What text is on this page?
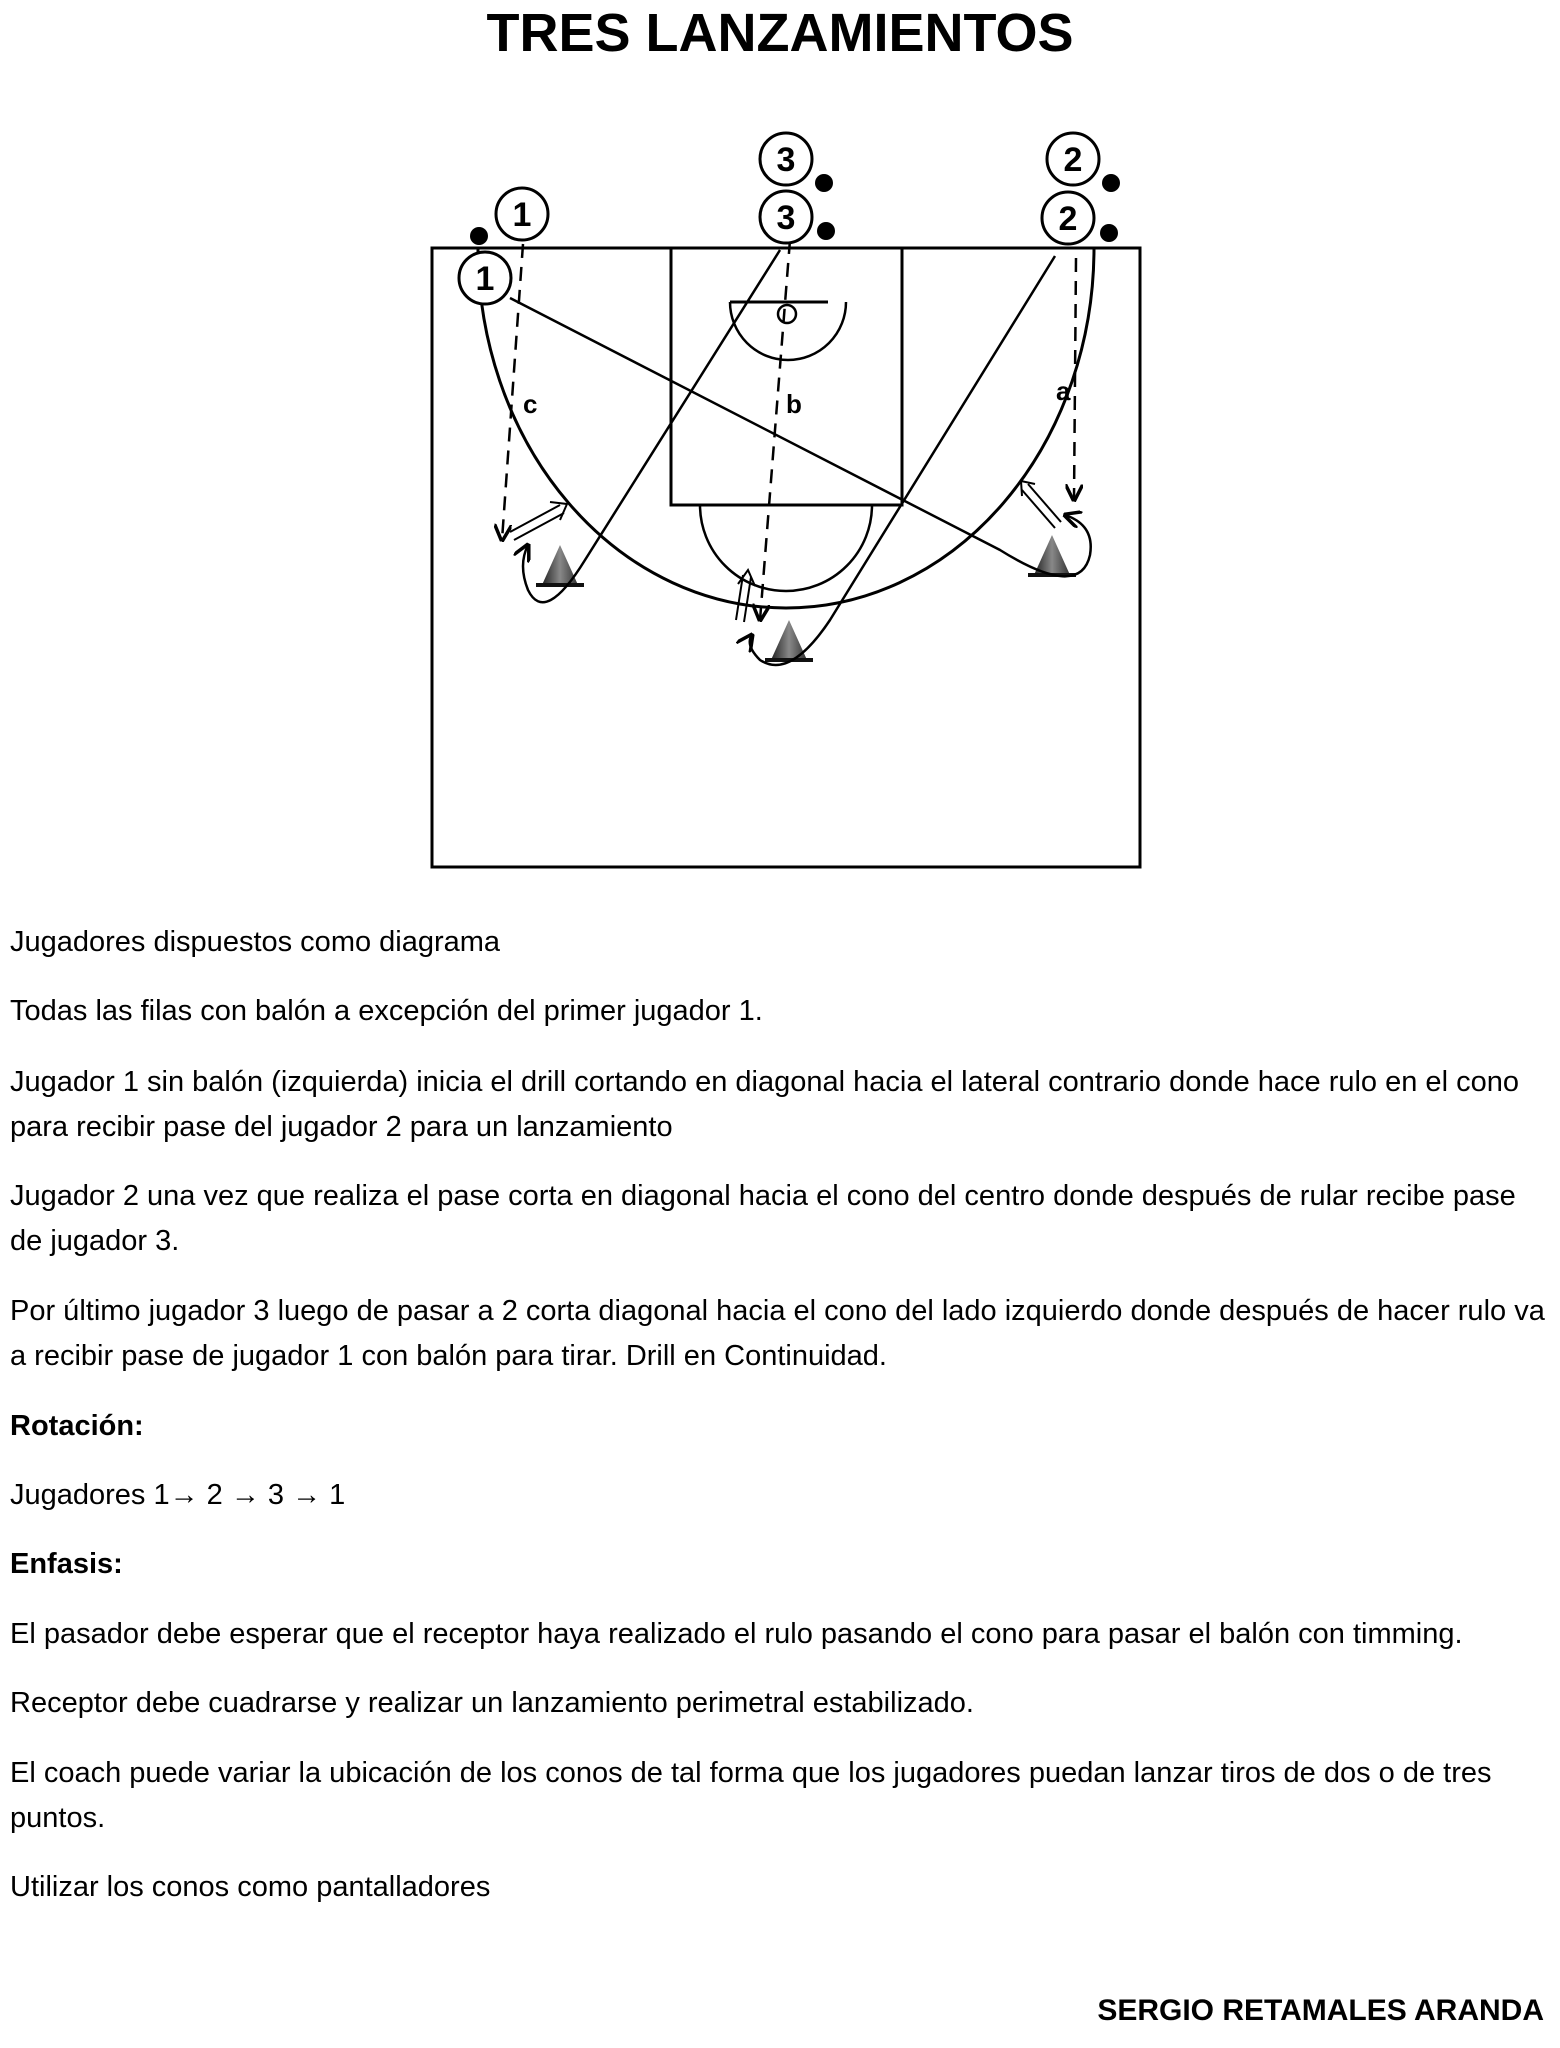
TRES LANZAMIENTOS
1
1
3
3
2
2
a
b
c

Jugadores dispuestos como diagrama

Todas las filas con balón a excepción del primer jugador 1.

Jugador 1 sin balón (izquierda) inicia el drill cortando en diagonal hacia el lateral contrario donde hace rulo en el cono para recibir pase del jugador 2 para un lanzamiento

Jugador 2 una vez que realiza el pase corta en diagonal hacia el cono del centro donde después de rular recibe pase de jugador 3.

Por último jugador 3 luego de pasar a 2 corta diagonal hacia el cono del lado izquierdo donde después de hacer rulo va a recibir pase de jugador 1 con balón para tirar. Drill en Continuidad.

Rotación:

Jugadores 1→ 2 → 3 → 1

Enfasis:

El pasador debe esperar que el receptor haya realizado el rulo pasando el cono para pasar el balón con timming.

Receptor debe cuadrarse y realizar un lanzamiento perimetral estabilizado.

El coach puede variar la ubicación de los conos de tal forma que los jugadores puedan lanzar tiros de dos o de tres puntos.

Utilizar los conos como pantalladores

SERGIO RETAMALES ARANDA
